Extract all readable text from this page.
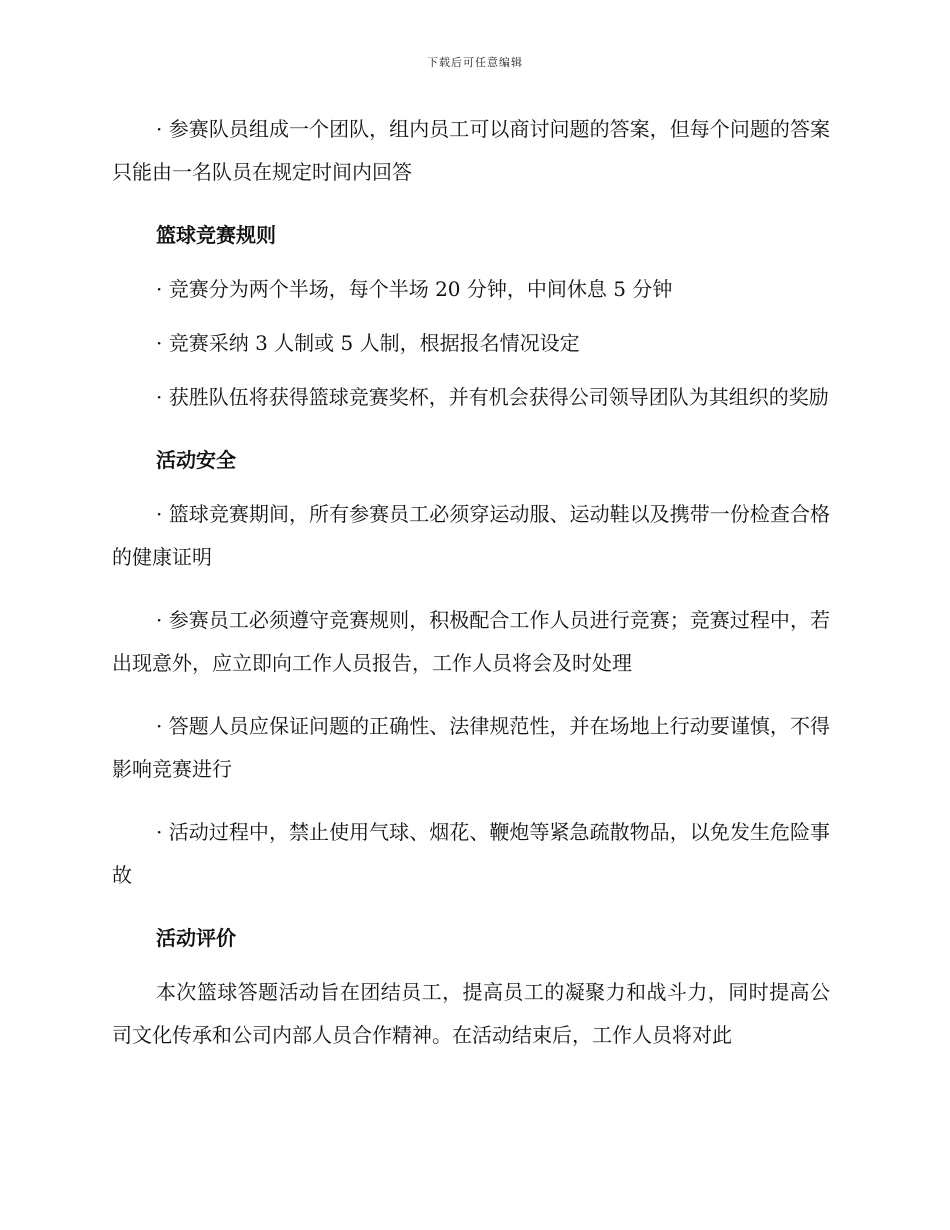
下载后可任意编辑

· 参赛队员组成一个团队，组内员工可以商讨问题的答案，但每个问题的答案只能由一名队员在规定时间内回答

篮球竞赛规则

· 竞赛分为两个半场，每个半场 20 分钟，中间休息 5 分钟

· 竞赛采纳 3 人制或 5 人制，根据报名情况设定

· 获胜队伍将获得篮球竞赛奖杯，并有机会获得公司领导团队为其组织的奖励

活动安全

· 篮球竞赛期间，所有参赛员工必须穿运动服、运动鞋以及携带一份检查合格的健康证明

· 参赛员工必须遵守竞赛规则，积极配合工作人员进行竞赛；竞赛过程中，若出现意外，应立即向工作人员报告，工作人员将会及时处理

· 答题人员应保证问题的正确性、法律规范性，并在场地上行动要谨慎，不得影响竞赛进行

· 活动过程中，禁止使用气球、烟花、鞭炮等紧急疏散物品，以免发生危险事故

活动评价

本次篮球答题活动旨在团结员工，提高员工的凝聚力和战斗力，同时提高公司文化传承和公司内部人员合作精神。在活动结束后，工作人员将对此
